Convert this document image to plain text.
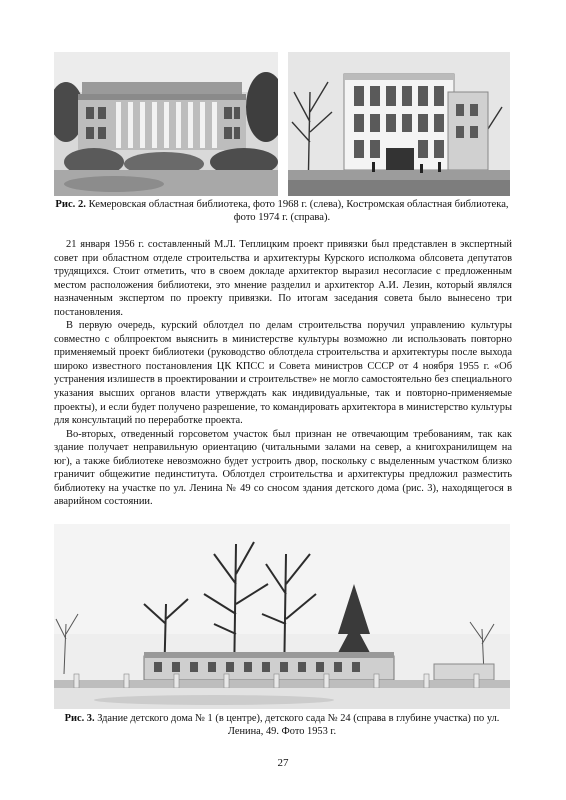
Рис. 2. Кемеровская областная библиотека, фото 1968 г. (слева), Костромская областная библиотека, фото 1974 г. (справа).

21 января 1956 г. составленный М.Л. Теплицким проект привязки был представлен в экспертный совет при областном отделе строительства и архитектуры Курского исполкома облсовета депутатов трудящихся. Стоит отметить, что в своем докладе архитектор выразил несогласие с предложенным местом расположения библиотеки, это мнение разделил и архитектор А.И. Лезин, который являлся назначенным экспертом по проекту привязки. По итогам заседания совета было вынесено три постановления.

В первую очередь, курский облотдел по делам строительства поручил управлению культуры совместно с облпроектом выяснить в министерстве культуры возможно ли использовать повторно применяемый проект библиотеки (руководство облотдела строительства и архитектуры после выхода широко известного постановления ЦК КПСС и Совета министров СССР от 4 ноября 1955 г. «Об устранения излишеств в проектировании и строительстве» не могло самостоятельно без специального указания высших органов власти утверждать как индивидуальные, так и повторно-применяемые проекты), и если будет получено разрешение, то командировать архитектора в министерство культуры для консультаций по переработке проекта.

Во-вторых, отведенный горсоветом участок был признан не отвечающим требованиям, так как здание получает неправильную ориентацию (читальными залами на север, а книгохранилищем на юг), а также библиотеке невозможно будет устроить двор, поскольку с выделенным участком близко граничит общежитие пединститута. Облотдел строительства и архитектуры предложил разместить библиотеку на участке по ул. Ленина № 49 со сносом здания детского дома (рис. 3), находящегося в аварийном состоянии.

Рис. 3. Здание детского дома № 1 (в центре), детского сада № 24 (справа в глубине участка) по ул. Ленина, 49. Фото 1953 г.
27
